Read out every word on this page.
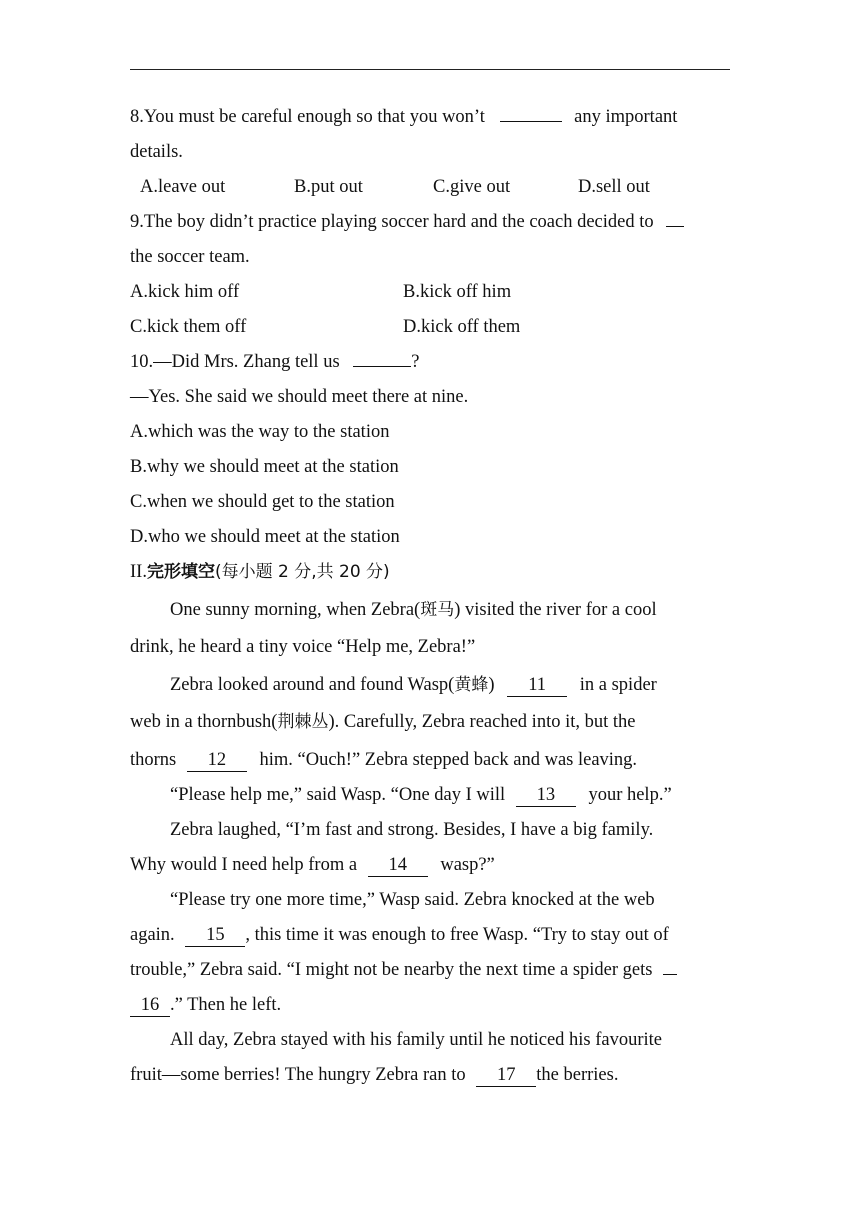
8.You must be careful enough so that you won’t	any important
details.
A.leave out	B.put out	C.give out	D.sell out
9.The boy didn’t practice playing soccer hard and the coach decided to
the soccer team.
A.kick him off	B.kick off him
C.kick them off	D.kick off them
10.—Did Mrs. Zhang tell us	?
—Yes. She said we should meet there at nine.
A.which was the way to the station
B.why we should meet at the station
C.when we should get to the station
D.who we should meet at the station
II.完形填空(每小题 2 分,共 20 分)
One sunny morning, when Zebra(斑马) visited the river for a cool
drink, he heard a tiny voice “Help me, Zebra!”
Zebra looked around and found Wasp(黄蜂) 11 in a spider
web in a thornbush(荆棘丛). Carefully, Zebra reached into it, but the
thorns 12 him. “Ouch!” Zebra stepped back and was leaving.
“Please help me,” said Wasp. “One day I will 13 your help.”
Zebra laughed, “I’m fast and strong. Besides, I have a big family.
Why would I need help from a 14 wasp?”
“Please try one more time,” Wasp said. Zebra knocked at the web
again. 15 , this time it was enough to free Wasp. “Try to stay out of
trouble,” Zebra said. “I might not be nearby the next time a spider gets
16 .” Then he left.
All day, Zebra stayed with his family until he noticed his favourite
fruit—some berries! The hungry Zebra ran to 17 the berries.
